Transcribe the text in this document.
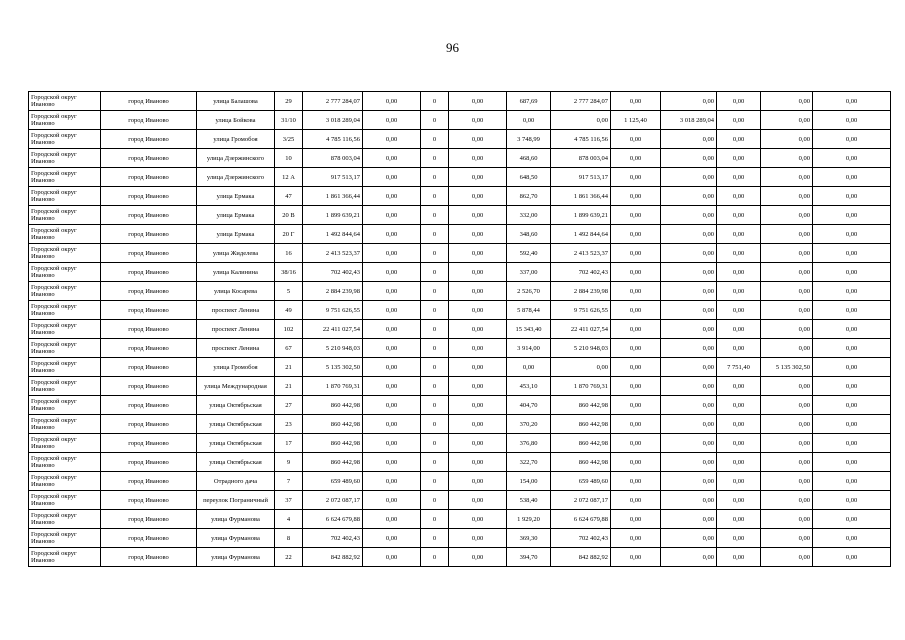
96
Городской округ Иваново	город Иваново	улица Балашова	29	2 777 284,07	0,00	0	0,00	687,69	2 777 284,07	0,00	0,00	0,00	0,00	0,00
Городской округ Иваново	город Иваново	улица Бойкова	31/10	3 018 289,04	0,00	0	0,00	0,00	0,00	1 125,40	3 018 289,04	0,00	0,00	0,00
Городской округ Иваново	город Иваново	улица Громобоя	3/25	4 785 116,56	0,00	0	0,00	3 748,99	4 785 116,56	0,00	0,00	0,00	0,00	0,00
Городской округ Иваново	город Иваново	улица Дзержинского	10	878 003,04	0,00	0	0,00	468,60	878 003,04	0,00	0,00	0,00	0,00	0,00
Городской округ Иваново	город Иваново	улица Дзержинского	12 А	917 513,17	0,00	0	0,00	648,50	917 513,17	0,00	0,00	0,00	0,00	0,00
Городской округ Иваново	город Иваново	улица Ермака	47	1 861 366,44	0,00	0	0,00	862,70	1 861 366,44	0,00	0,00	0,00	0,00	0,00
Городской округ Иваново	город Иваново	улица Ермака	20 В	1 899 639,21	0,00	0	0,00	332,00	1 899 639,21	0,00	0,00	0,00	0,00	0,00
Городской округ Иваново	город Иваново	улица Ермака	20 Г	1 492 844,64	0,00	0	0,00	348,60	1 492 844,64	0,00	0,00	0,00	0,00	0,00
Городской округ Иваново	город Иваново	улица Жиделева	16	2 413 523,37	0,00	0	0,00	592,40	2 413 523,37	0,00	0,00	0,00	0,00	0,00
Городской округ Иваново	город Иваново	улица Калинина	38/16	702 402,43	0,00	0	0,00	337,00	702 402,43	0,00	0,00	0,00	0,00	0,00
Городской округ Иваново	город Иваново	улица Косарева	5	2 884 239,98	0,00	0	0,00	2 526,70	2 884 239,98	0,00	0,00	0,00	0,00	0,00
Городской округ Иваново	город Иваново	проспект Ленина	49	9 751 626,55	0,00	0	0,00	5 878,44	9 751 626,55	0,00	0,00	0,00	0,00	0,00
Городской округ Иваново	город Иваново	проспект Ленина	102	22 411 027,54	0,00	0	0,00	15 343,40	22 411 027,54	0,00	0,00	0,00	0,00	0,00
Городской округ Иваново	город Иваново	проспект Ленина	67	5 210 948,03	0,00	0	0,00	3 914,00	5 210 948,03	0,00	0,00	0,00	0,00	0,00
Городской округ Иваново	город Иваново	улица Громобоя	21	5 135 302,50	0,00	0	0,00	0,00	0,00	0,00	0,00	7 751,40	5 135 302,50	0,00
Городской округ Иваново	город Иваново	улица Международная	21	1 870 769,31	0,00	0	0,00	453,10	1 870 769,31	0,00	0,00	0,00	0,00	0,00
Городской округ Иваново	город Иваново	улица Октябрьская	27	860 442,98	0,00	0	0,00	404,70	860 442,98	0,00	0,00	0,00	0,00	0,00
Городской округ Иваново	город Иваново	улица Октябрьская	23	860 442,98	0,00	0	0,00	370,20	860 442,98	0,00	0,00	0,00	0,00	0,00
Городской округ Иваново	город Иваново	улица Октябрьская	17	860 442,98	0,00	0	0,00	376,80	860 442,98	0,00	0,00	0,00	0,00	0,00
Городской округ Иваново	город Иваново	улица Октябрьская	9	860 442,98	0,00	0	0,00	322,70	860 442,98	0,00	0,00	0,00	0,00	0,00
Городской округ Иваново	город Иваново	Отрадного дача	7	659 489,60	0,00	0	0,00	154,00	659 489,60	0,00	0,00	0,00	0,00	0,00
Городской округ Иваново	город Иваново	переулок Пограничный	37	2 072 087,17	0,00	0	0,00	538,40	2 072 087,17	0,00	0,00	0,00	0,00	0,00
Городской округ Иваново	город Иваново	улица Фурманова	4	6 624 679,88	0,00	0	0,00	1 929,20	6 624 679,88	0,00	0,00	0,00	0,00	0,00
Городской округ Иваново	город Иваново	улица Фурманова	8	702 402,43	0,00	0	0,00	369,30	702 402,43	0,00	0,00	0,00	0,00	0,00
Городской округ Иваново	город Иваново	улица Фурманова	22	842 882,92	0,00	0	0,00	394,70	842 882,92	0,00	0,00	0,00	0,00	0,00
